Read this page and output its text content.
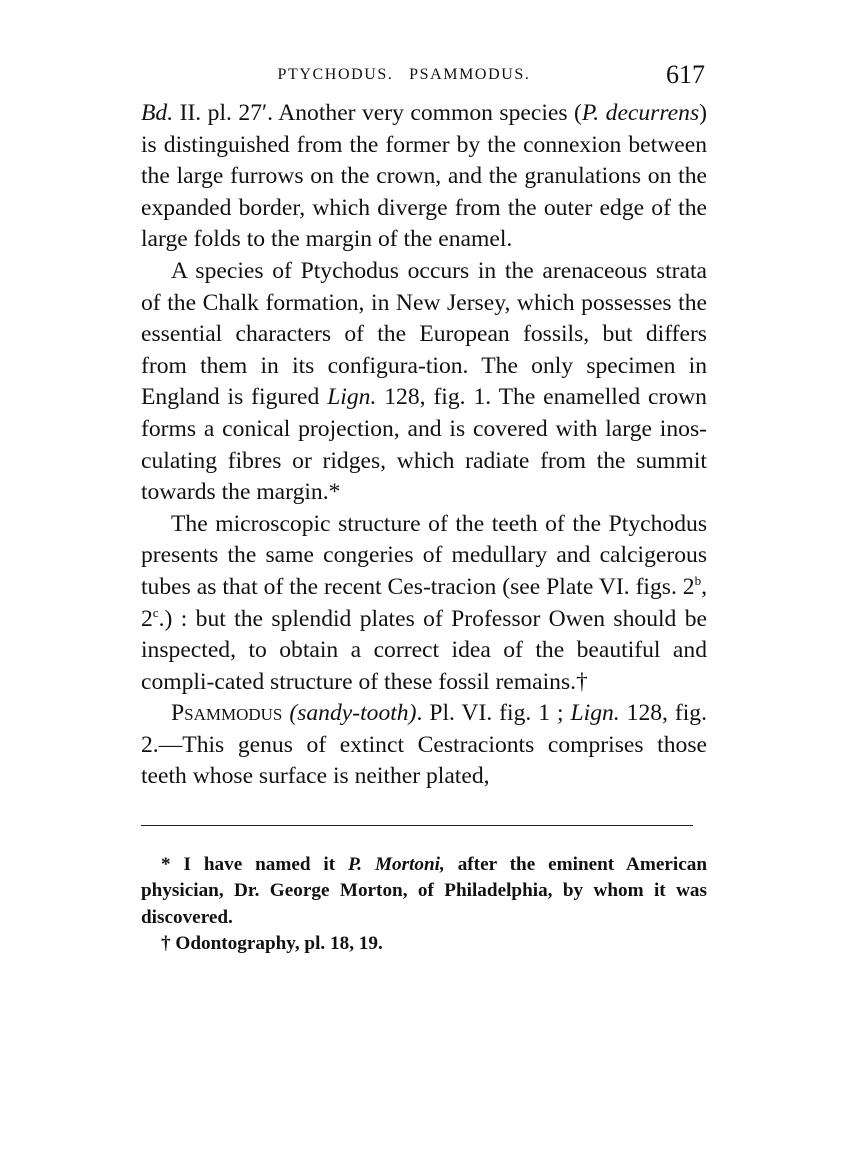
PTYCHODUS. PSAMMODUS.	617

Bd. II. pl. 27ʹ. Another very common species (P. decurrens) is distinguished from the former by the connexion between the large furrows on the crown, and the granulations on the expanded border, which diverge from the outer edge of the large folds to the margin of the enamel.

A species of Ptychodus occurs in the arenaceous strata of the Chalk formation, in New Jersey, which possesses the essential characters of the European fossils, but differs from them in its configura-tion. The only specimen in England is figured Lign. 128, fig. 1. The enamelled crown forms a conical projection, and is covered with large inos-culating fibres or ridges, which radiate from the summit towards the margin.*

The microscopic structure of the teeth of the Ptychodus presents the same congeries of medullary and calcigerous tubes as that of the recent Ces-tracion (see Plate VI. figs. 2$^b$, 2$^c$.) : but the splendid plates of Professor Owen should be inspected, to obtain a correct idea of the beautiful and compli-cated structure of these fossil remains.†

Psammodus (sandy-tooth). Pl. VI. fig. 1 ; Lign. 128, fig. 2.—This genus of extinct Cestracionts comprises those teeth whose surface is neither plated,

* I have named it P. Mortoni, after the eminent American physician, Dr. George Morton, of Philadelphia, by whom it was discovered.

† Odontography, pl. 18, 19.
